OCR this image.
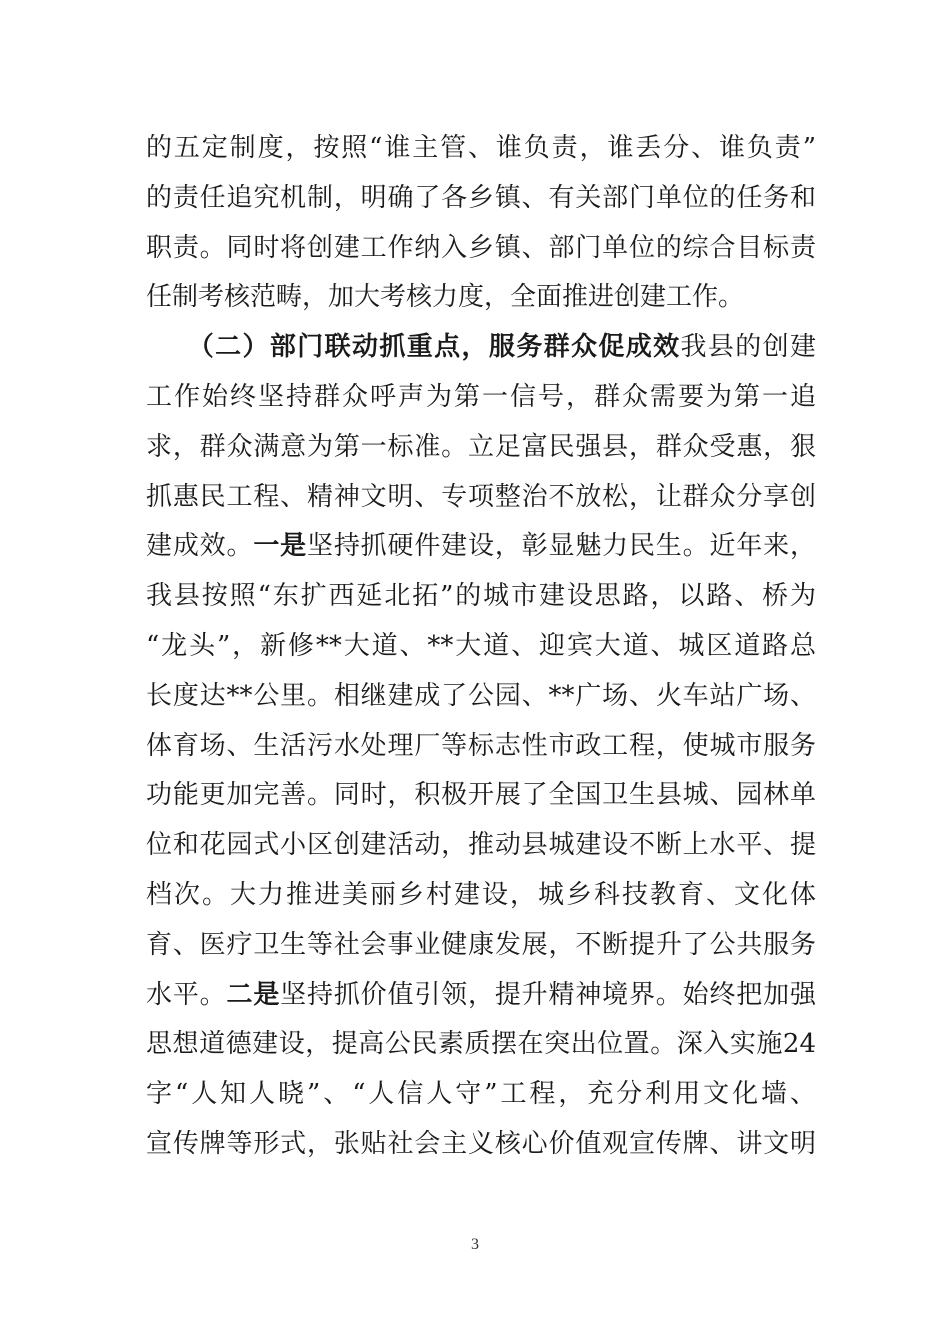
的五定制度，按照“谁主管、谁负责，谁丢分、谁负责”
的责任追究机制，明确了各乡镇、有关部门单位的任务和
职责。同时将创建工作纳入乡镇、部门单位的综合目标责
任制考核范畴，加大考核力度，全面推进创建工作。
　　（二）部门联动抓重点，服务群众促成效我县的创建
工作始终坚持群众呼声为第一信号，群众需要为第一追
求，群众满意为第一标准。立足富民强县，群众受惠，狠
抓惠民工程、精神文明、专项整治不放松，让群众分享创
建成效。一是坚持抓硬件建设，彰显魅力民生。近年来，
我县按照“东扩西延北拓”的城市建设思路，以路、桥为
“龙头”，新修**大道、**大道、迎宾大道、城区道路总
长度达**公里。相继建成了公园、**广场、火车站广场、
体育场、生活污水处理厂等标志性市政工程，使城市服务
功能更加完善。同时，积极开展了全国卫生县城、园林单
位和花园式小区创建活动，推动县城建设不断上水平、提
档次。大力推进美丽乡村建设，城乡科技教育、文化体
育、医疗卫生等社会事业健康发展，不断提升了公共服务
水平。二是坚持抓价值引领，提升精神境界。始终把加强
思想道德建设，提高公民素质摆在突出位置。深入实施24
字“人知人晓”、“人信人守”工程，充分利用文化墙、
宣传牌等形式，张贴社会主义核心价值观宣传牌、讲文明
3
